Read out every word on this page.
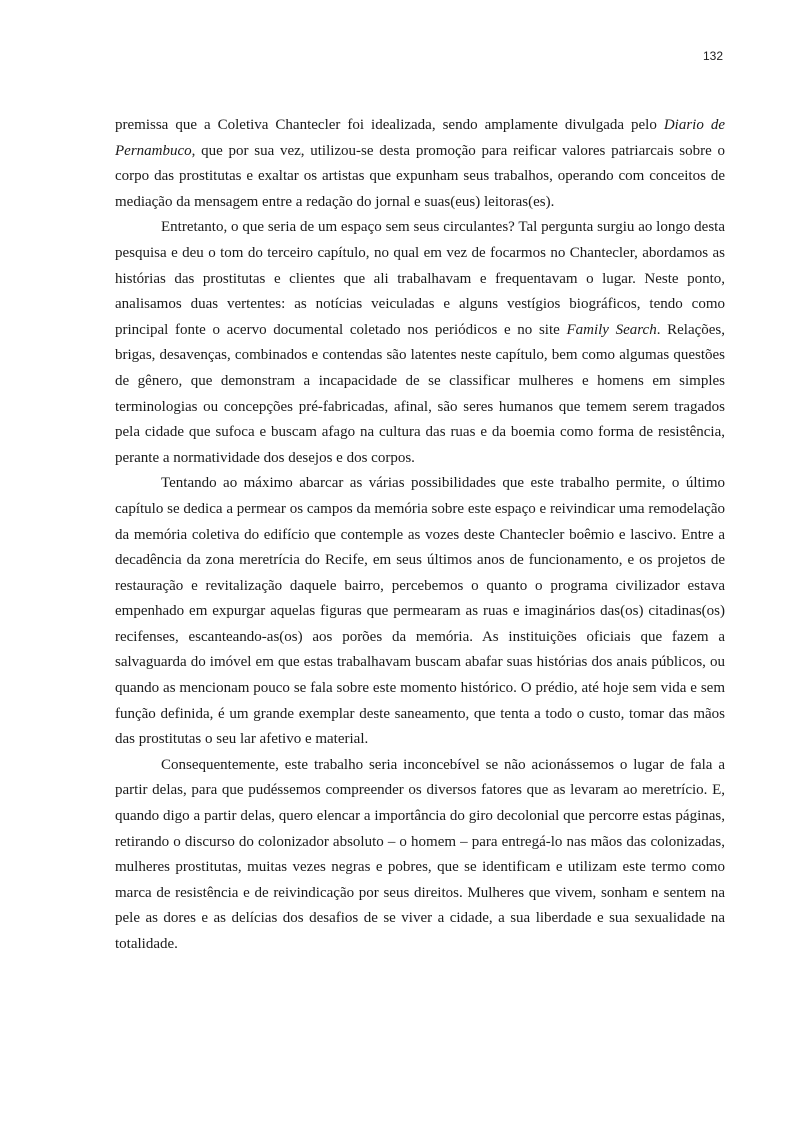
132

premissa que a Coletiva Chantecler foi idealizada, sendo amplamente divulgada pelo Diario de Pernambuco, que por sua vez, utilizou-se desta promoção para reificar valores patriarcais sobre o corpo das prostitutas e exaltar os artistas que expunham seus trabalhos, operando com conceitos de mediação da mensagem entre a redação do jornal e suas(eus) leitoras(es).

Entretanto, o que seria de um espaço sem seus circulantes? Tal pergunta surgiu ao longo desta pesquisa e deu o tom do terceiro capítulo, no qual em vez de focarmos no Chantecler, abordamos as histórias das prostitutas e clientes que ali trabalhavam e frequentavam o lugar. Neste ponto, analisamos duas vertentes: as notícias veiculadas e alguns vestígios biográficos, tendo como principal fonte o acervo documental coletado nos periódicos e no site Family Search. Relações, brigas, desavenças, combinados e contendas são latentes neste capítulo, bem como algumas questões de gênero, que demonstram a incapacidade de se classificar mulheres e homens em simples terminologias ou concepções pré-fabricadas, afinal, são seres humanos que temem serem tragados pela cidade que sufoca e buscam afago na cultura das ruas e da boemia como forma de resistência, perante a normatividade dos desejos e dos corpos.

Tentando ao máximo abarcar as várias possibilidades que este trabalho permite, o último capítulo se dedica a permear os campos da memória sobre este espaço e reivindicar uma remodelação da memória coletiva do edifício que contemple as vozes deste Chantecler boêmio e lascivo. Entre a decadência da zona meretrícia do Recife, em seus últimos anos de funcionamento, e os projetos de restauração e revitalização daquele bairro, percebemos o quanto o programa civilizador estava empenhado em expurgar aquelas figuras que permearam as ruas e imaginários das(os) citadinas(os) recifenses, escanteando-as(os) aos porões da memória. As instituições oficiais que fazem a salvaguarda do imóvel em que estas trabalhavam buscam abafar suas histórias dos anais públicos, ou quando as mencionam pouco se fala sobre este momento histórico. O prédio, até hoje sem vida e sem função definida, é um grande exemplar deste saneamento, que tenta a todo o custo, tomar das mãos das prostitutas o seu lar afetivo e material.

Consequentemente, este trabalho seria inconcebível se não acionássemos o lugar de fala a partir delas, para que pudéssemos compreender os diversos fatores que as levaram ao meretrício. E, quando digo a partir delas, quero elencar a importância do giro decolonial que percorre estas páginas, retirando o discurso do colonizador absoluto – o homem – para entregá-lo nas mãos das colonizadas, mulheres prostitutas, muitas vezes negras e pobres, que se identificam e utilizam este termo como marca de resistência e de reivindicação por seus direitos. Mulheres que vivem, sonham e sentem na pele as dores e as delícias dos desafios de se viver a cidade, a sua liberdade e sua sexualidade na totalidade.
